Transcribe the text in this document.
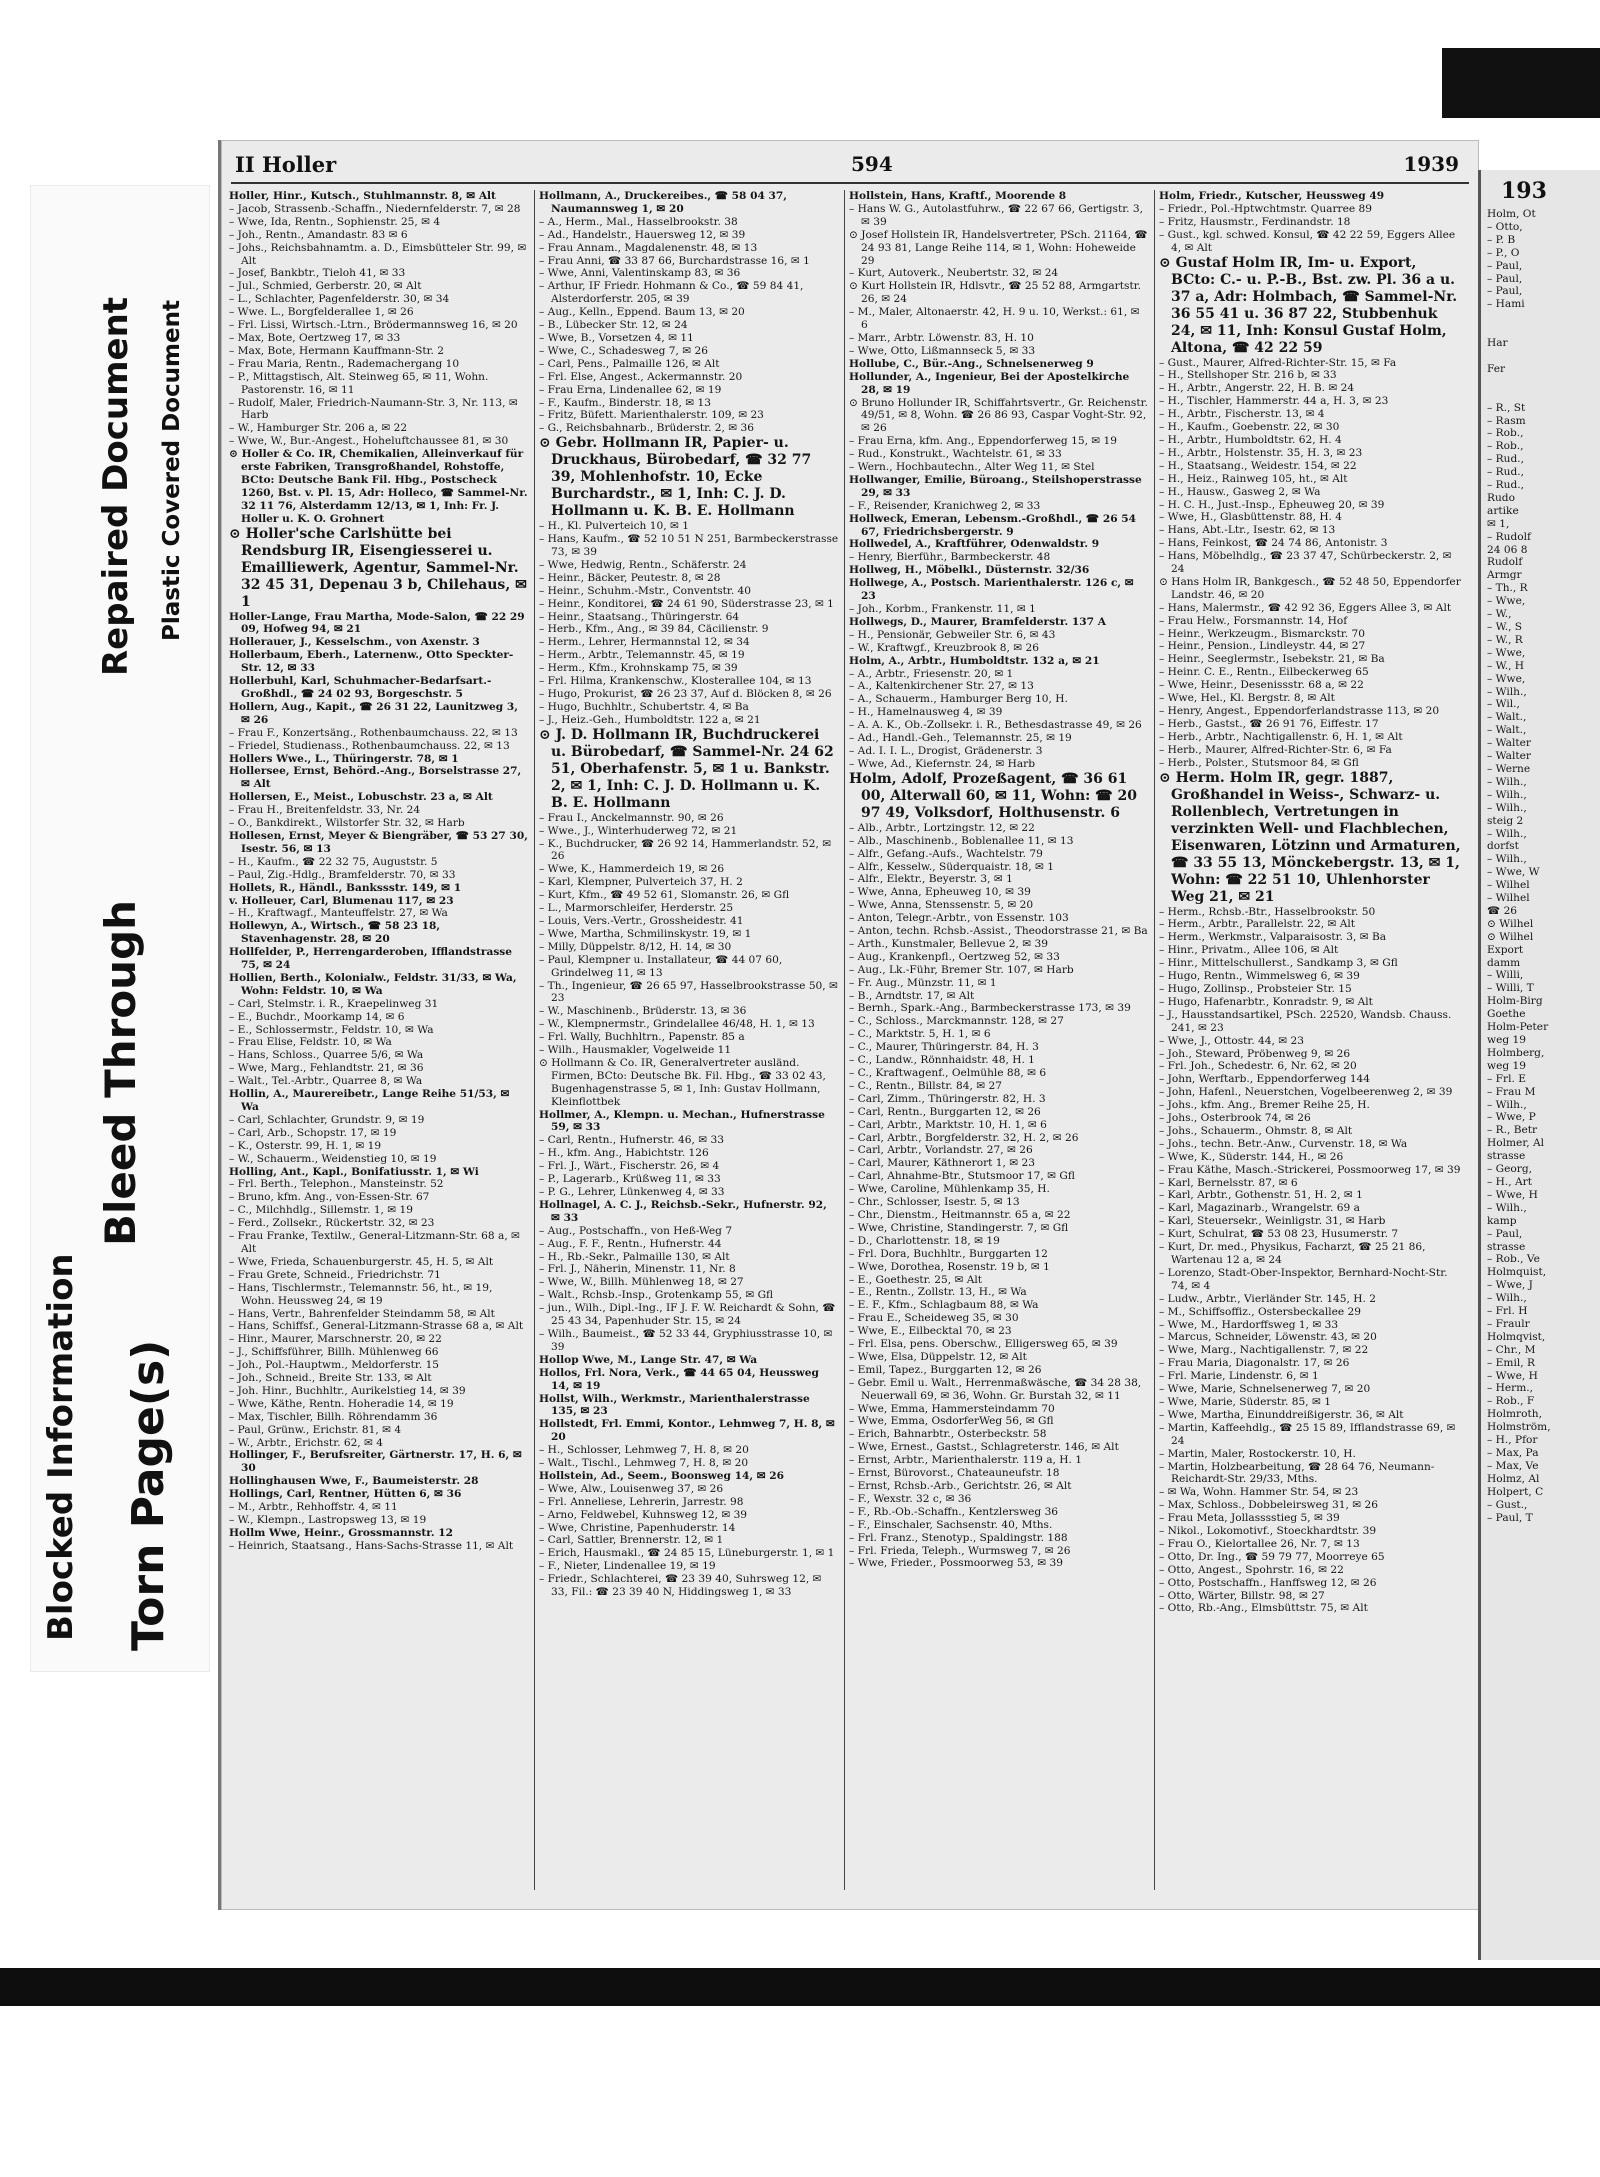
Plastic Covered Document
Repaired Document
Bleed Through
Blocked Information Torn Page(s)
II Holler	594	1939
Holler, Hinr., Kutsch., Stuhlmannstr. 8, ✉ Alt
– Jacob, Strassenb.-Schaffn., Niedernfelderstr. 7, ✉ 28
– Wwe, Ida, Rentn., Sophienstr. 25, ✉ 4
– Joh., Rentn., Amandastr. 83 ✉ 6
– Johs., Reichsbahnamtm. a. D., Eimsbütteler Str. 99, ✉ Alt
– Josef, Bankbtr., Tieloh 41, ✉ 33
– Jul., Schmied, Gerberstr. 20, ✉ Alt
– L., Schlachter, Pagenfelderstr. 30, ✉ 34
– Wwe. L., Borgfelderallee 1, ✉ 26
– Frl. Lissi, Wirtsch.-Ltrn., Brödermannsweg 16, ✉ 20
– Max, Bote, Oertzweg 17, ✉ 33
– Max, Bote, Hermann Kauffmann-Str. 2
– Frau Maria, Rentn., Rademachergang 10
– P., Mittagstisch, Alt. Steinweg 65, ✉ 11, Wohn. Pastorenstr. 16, ✉ 11
– Rudolf, Maler, Friedrich-Naumann-Str. 3, Nr. 113, ✉ Harb
– W., Hamburger Str. 206 a, ✉ 22
– Wwe, W., Bur.-Angest., Hoheluftchaussee 81, ✉ 30
⊙ Holler & Co. IR, Chemikalien, Alleinverkauf für erste Fabriken, Transgroßhandel, Rohstoffe, BCto: Deutsche Bank Fil. Hbg., Postscheck 1260, Bst. v. Pl. 15, Adr: Holleco, ☎ Sammel-Nr. 32 11 76, Alsterdamm 12/13, ✉ 1, Inh: Fr. J. Holler u. K. O. Grohnert
⊙ Holler'sche Carlshütte bei Rendsburg IR, Eisengiesserei u. Emailliewerk, Agentur, Sammel-Nr. 32 45 31, Depenau 3 b, Chilehaus, ✉ 1
Holler-Lange, Frau Martha, Mode-Salon, ☎ 22 29 09, Hofweg 94, ✉ 21
Hollerauer, J., Kesselschm., von Axenstr. 3
Hollerbaum, Eberh., Laternenw., Otto Speckter-Str. 12, ✉ 33
Hollerbuhl, Karl, Schuhmacher-Bedarfsart.-Großhdl., ☎ 24 02 93, Borgeschstr. 5
Hollern, Aug., Kapit., ☎ 26 31 22, Launitzweg 3, ✉ 26
– Frau F., Konzertsäng., Rothenbaumchauss. 22, ✉ 13
– Friedel, Studienass., Rothenbaumchauss. 22, ✉ 13
Hollers Wwe., L., Thüringerstr. 78, ✉ 1
Hollersee, Ernst, Behörd.-Ang., Borselstrasse 27, ✉ Alt
Hollersen, E., Meist., Lobuschstr. 23 a, ✉ Alt
– Frau H., Breitenfeldstr. 33, Nr. 24
– O., Bankdirekt., Wilstorfer Str. 32, ✉ Harb
Hollesen, Ernst, Meyer & Biengräber, ☎ 53 27 30, Isestr. 56, ✉ 13
– H., Kaufm., ☎ 22 32 75, Auguststr. 5
– Paul, Zig.-Hdlg., Bramfelderstr. 70, ✉ 33
Hollets, R., Händl., Bankssstr. 149, ✉ 1
v. Holleuer, Carl, Blumenau 117, ✉ 23
– H., Kraftwagf., Manteuffelstr. 27, ✉ Wa
Hollewyn, A., Wirtsch., ☎ 58 23 18, Stavenhagenstr. 28, ✉ 20
Hollfelder, P., Herrengarderoben, Ifflandstrasse 75, ✉ 24
Hollien, Berth., Kolonialw., Feldstr. 31/33, ✉ Wa, Wohn: Feldstr. 10, ✉ Wa
– Carl, Stelmstr. i. R., Kraepelinweg 31
– E., Buchdr., Moorkamp 14, ✉ 6
– E., Schlossermstr., Feldstr. 10, ✉ Wa
– Frau Elise, Feldstr. 10, ✉ Wa
– Hans, Schloss., Quarree 5/6, ✉ Wa
– Wwe, Marg., Fehlandtstr. 21, ✉ 36
– Walt., Tel.-Arbtr., Quarree 8, ✉ Wa
Hollin, A., Maurereibetr., Lange Reihe 51/53, ✉ Wa
– Carl, Schlachter, Grundstr. 9, ✉ 19
– Carl, Arb., Schopstr. 17, ✉ 19
– K., Osterstr. 99, H. 1, ✉ 19
– W., Schauerm., Weidenstieg 10, ✉ 19
Holling, Ant., Kapl., Bonifatiusstr. 1, ✉ Wi
– Frl. Berth., Telephon., Mansteinstr. 52
– Bruno, kfm. Ang., von-Essen-Str. 67
– C., Milchhdlg., Sillemstr. 1, ✉ 19
– Ferd., Zollsekr., Rückertstr. 32, ✉ 23
– Frau Franke, Textilw., General-Litzmann-Str. 68 a, ✉ Alt
– Wwe, Frieda, Schauenburgerstr. 45, H. 5, ✉ Alt
– Frau Grete, Schneid., Friedrichstr. 71
– Hans, Tischlermstr., Telemannstr. 56, ht., ✉ 19, Wohn. Heussweg 24, ✉ 19
– Hans, Vertr., Bahrenfelder Steindamm 58, ✉ Alt
– Hans, Schiffsf., General-Litzmann-Strasse 68 a, ✉ Alt
– Hinr., Maurer, Marschnerstr. 20, ✉ 22
– J., Schiffsführer, Billh. Mühlenweg 66
– Joh., Pol.-Hauptwm., Meldorferstr. 15
– Joh., Schneid., Breite Str. 133, ✉ Alt
– Joh. Hinr., Buchhltr., Aurikelstieg 14, ✉ 39
– Wwe, Käthe, Rentn. Hoheradie 14, ✉ 19
– Max, Tischler, Billh. Röhrendamm 36
– Paul, Grünw., Erichstr. 81, ✉ 4
– W., Arbtr., Erichstr. 62, ✉ 4
Hollinger, F., Berufsreiter, Gärtnerstr. 17, H. 6, ✉ 30
Hollinghausen Wwe, F., Baumeisterstr. 28
Hollings, Carl, Rentner, Hütten 6, ✉ 36
– M., Arbtr., Rehhoffstr. 4, ✉ 11
– W., Klempn., Lastropsweg 13, ✉ 19
Hollm Wwe, Heinr., Grossmannstr. 12
– Heinrich, Staatsang., Hans-Sachs-Strasse 11, ✉ Alt
Hollmann, A., Druckereibes., ☎ 58 04 37, Naumannsweg 1, ✉ 20
– A., Herm., Mal., Hasselbrookstr. 38
– Ad., Handelstr., Hauersweg 12, ✉ 39
– Frau Annam., Magdalenenstr. 48, ✉ 13
– Frau Anni, ☎ 33 87 66, Burchardstrasse 16, ✉ 1
– Wwe, Anni, Valentinskamp 83, ✉ 36
– Arthur, IF Friedr. Hohmann & Co., ☎ 59 84 41, Alsterdorferstr. 205, ✉ 39
– Aug., Kelln., Eppend. Baum 13, ✉ 20
– B., Lübecker Str. 12, ✉ 24
– Wwe, B., Vorsetzen 4, ✉ 11
– Wwe, C., Schadesweg 7, ✉ 26
– Carl, Pens., Palmaille 126, ✉ Alt
– Frl. Else, Angest., Ackermannstr. 20
– Frau Erna, Lindenallee 62, ✉ 19
– F., Kaufm., Binderstr. 18, ✉ 13
– Fritz, Büfett. Marienthalerstr. 109, ✉ 23
– G., Reichsbahnarb., Brüderstr. 2, ✉ 36
⊙ Gebr. Hollmann IR, Papier- u. Druckhaus, Bürobedarf, ☎ 32 77 39, Mohlenhofstr. 10, Ecke Burchardstr., ✉ 1, Inh: C. J. D. Hollmann u. K. B. E. Hollmann
– H., Kl. Pulverteich 10, ✉ 1
– Hans, Kaufm., ☎ 52 10 51 N 251, Barmbeckerstrasse 73, ✉ 39
– Wwe, Hedwig, Rentn., Schäferstr. 24
– Heinr., Bäcker, Peutestr. 8, ✉ 28
– Heinr., Schuhm.-Mstr., Conventstr. 40
– Heinr., Konditorei, ☎ 24 61 90, Süderstrasse 23, ✉ 1
– Heinr., Staatsang., Thüringerstr. 64
– Herb., Kfm., Ang., ✉ 39 84, Cäcilienstr. 9
– Herm., Lehrer, Hermannstal 12, ✉ 34
– Herm., Arbtr., Telemannstr. 45, ✉ 19
– Herm., Kfm., Krohnskamp 75, ✉ 39
– Frl. Hilma, Krankenschw., Klosterallee 104, ✉ 13
– Hugo, Prokurist, ☎ 26 23 37, Auf d. Blöcken 8, ✉ 26
– Hugo, Buchhltr., Schubertstr. 4, ✉ Ba
– J., Heiz.-Geh., Humboldtstr. 122 a, ✉ 21
⊙ J. D. Hollmann IR, Buchdruckerei u. Bürobedarf, ☎ Sammel-Nr. 24 62 51, Oberhafenstr. 5, ✉ 1 u. Bankstr. 2, ✉ 1, Inh: C. J. D. Hollmann u. K. B. E. Hollmann
– Frau I., Anckelmannstr. 90, ✉ 26
– Wwe., J., Winterhuderweg 72, ✉ 21
– K., Buchdrucker, ☎ 26 92 14, Hammerlandstr. 52, ✉ 26
– Wwe, K., Hammerdeich 19, ✉ 26
– Karl, Klempner, Pulverteich 37, H. 2
– Kurt, Kfm., ☎ 49 52 61, Slomanstr. 26, ✉ Gfl
– L., Marmorschleifer, Herderstr. 25
– Louis, Vers.-Vertr., Grossheidestr. 41
– Wwe, Martha, Schmilinskystr. 19, ✉ 1
– Milly, Düppelstr. 8/12, H. 14, ✉ 30
– Paul, Klempner u. Installateur, ☎ 44 07 60, Grindelweg 11, ✉ 13
– Th., Ingenieur, ☎ 26 65 97, Hasselbrookstrasse 50, ✉ 23
– W., Maschinenb., Brüderstr. 13, ✉ 36
– W., Klempnermstr., Grindelallee 46/48, H. 1, ✉ 13
– Frl. Wally, Buchhltrn., Papenstr. 85 a
– Wilh., Hausmakler, Vogelweide 11
⊙ Hollmann & Co. IR, Generalvertreter ausländ. Firmen, BCto: Deutsche Bk. Fil. Hbg., ☎ 33 02 43, Bugenhagenstrasse 5, ✉ 1, Inh: Gustav Hollmann, Kleinflottbek
Hollmer, A., Klempn. u. Mechan., Hufnerstrasse 59, ✉ 33
– Carl, Rentn., Hufnerstr. 46, ✉ 33
– H., kfm. Ang., Habichtstr. 126
– Frl. J., Wärt., Fischerstr. 26, ✉ 4
– P., Lagerarb., Krüßweg 11, ✉ 33
– P. G., Lehrer, Lünkenweg 4, ✉ 33
Hollnagel, A. C. J., Reichsb.-Sekr., Hufnerstr. 92, ✉ 33
– Aug., Postschaffn., von Heß-Weg 7
– Aug., F. F., Rentn., Hufnerstr. 44
– H., Rb.-Sekr., Palmaille 130, ✉ Alt
– Frl. J., Näherin, Minenstr. 11, Nr. 8
– Wwe, W., Billh. Mühlenweg 18, ✉ 27
– Walt., Rchsb.-Insp., Grotenkamp 55, ✉ Gfl
– jun., Wilh., Dipl.-Ing., IF J. F. W. Reichardt & Sohn, ☎ 25 43 34, Papenhuder Str. 15, ✉ 24
– Wilh., Baumeist., ☎ 52 33 44, Gryphiusstrasse 10, ✉ 39
Hollop Wwe, M., Lange Str. 47, ✉ Wa
Hollos, Frl. Nora, Verk., ☎ 44 65 04, Heussweg 14, ✉ 19
Hollst, Wilh., Werkmstr., Marienthalerstrasse 135, ✉ 23
Hollstedt, Frl. Emmi, Kontor., Lehmweg 7, H. 8, ✉ 20
– H., Schlosser, Lehmweg 7, H. 8, ✉ 20
– Walt., Tischl., Lehmweg 7, H. 8, ✉ 20
Hollstein, Ad., Seem., Boonsweg 14, ✉ 26
– Wwe, Alw., Louisenweg 37, ✉ 26
– Frl. Anneliese, Lehrerin, Jarrestr. 98
– Arno, Feldwebel, Kuhnsweg 12, ✉ 39
– Wwe, Christine, Papenhuderstr. 14
– Carl, Sattler, Brennerstr. 12, ✉ 1
– Erich, Hausmakl., ☎ 24 85 15, Lüneburgerstr. 1, ✉ 1
– F., Nieter, Lindenallee 19, ✉ 19
– Friedr., Schlachterei, ☎ 23 39 40, Suhrsweg 12, ✉ 33, Fil.: ☎ 23 39 40 N, Hiddingsweg 1, ✉ 33
Hollstein, Hans, Kraftf., Moorende 8
– Hans W. G., Autolastfuhrw., ☎ 22 67 66, Gertigstr. 3, ✉ 39
⊙ Josef Hollstein IR, Handelsvertreter, PSch. 21164, ☎ 24 93 81, Lange Reihe 114, ✉ 1, Wohn: Hoheweide 29
– Kurt, Autoverk., Neubertstr. 32, ✉ 24
⊙ Kurt Hollstein IR, Hdlsvtr., ☎ 25 52 88, Armgartstr. 26, ✉ 24
– M., Maler, Altonaerstr. 42, H. 9 u. 10, Werkst.: 61, ✉ 6
– Marr., Arbtr. Löwenstr. 83, H. 10
– Wwe, Otto, Lißmannseck 5, ✉ 33
Hollube, C., Bür.-Ang., Schnelsenerweg 9
Hollunder, A., Ingenieur, Bei der Apostelkirche 28, ✉ 19
⊙ Bruno Hollunder IR, Schiffahrtsvertr., Gr. Reichenstr. 49/51, ✉ 8, Wohn. ☎ 26 86 93, Caspar Voght-Str. 92, ✉ 26
– Frau Erna, kfm. Ang., Eppendorferweg 15, ✉ 19
– Rud., Konstrukt., Wachtelstr. 61, ✉ 33
– Wern., Hochbautechn., Alter Weg 11, ✉ Stel
Hollwanger, Emilie, Büroang., Steilshoperstrasse 29, ✉ 33
– F., Reisender, Kranichweg 2, ✉ 33
Hollweck, Emeran, Lebensm.-Großhdl., ☎ 26 54 67, Friedrichsbergerstr. 9
Hollwedel, A., Kraftführer, Odenwaldstr. 9
– Henry, Bierführ., Barmbeckerstr. 48
Hollweg, H., Möbelkl., Düsternstr. 32/36
Hollwege, A., Postsch. Marienthalerstr. 126 c, ✉ 23
– Joh., Korbm., Frankenstr. 11, ✉ 1
Hollwegs, D., Maurer, Bramfelderstr. 137 A
– H., Pensionär, Gebweiler Str. 6, ✉ 43
– W., Kraftwgf., Kreuzbrook 8, ✉ 26
Holm, A., Arbtr., Humboldtstr. 132 a, ✉ 21
– A., Arbtr., Friesenstr. 20, ✉ 1
– A., Kaltenkirchener Str. 27, ✉ 13
– A., Schauerm., Hamburger Berg 10, H.
– H., Hamelnausweg 4, ✉ 39
– A. A. K., Ob.-Zollsekr. i. R., Bethesdastrasse 49, ✉ 26
– Ad., Handl.-Geh., Telemannstr. 25, ✉ 19
– Ad. I. I. L., Drogist, Grädenerstr. 3
– Wwe, Ad., Kiefernstr. 24, ✉ Harb
Holm, Adolf, Prozeßagent, ☎ 36 61 00, Alterwall 60, ✉ 11, Wohn: ☎ 20 97 49, Volksdorf, Holthusenstr. 6
– Alb., Arbtr., Lortzingstr. 12, ✉ 22
– Alb., Maschinenb., Boblenallee 11, ✉ 13
– Alfr., Gefang.-Aufs., Wachtelstr. 79
– Alfr., Kesselw., Süderquaistr. 18, ✉ 1
– Alfr., Elektr., Beyerstr. 3, ✉ 1
– Wwe, Anna, Epheuweg 10, ✉ 39
– Wwe, Anna, Stenssenstr. 5, ✉ 20
– Anton, Telegr.-Arbtr., von Essenstr. 103
– Anton, techn. Rchsb.-Assist., Theodorstrasse 21, ✉ Ba
– Arth., Kunstmaler, Bellevue 2, ✉ 39
– Aug., Krankenpfl., Oertzweg 52, ✉ 33
– Aug., Lk.-Führ, Bremer Str. 107, ✉ Harb
– Fr. Aug., Münzstr. 11, ✉ 1
– B., Arndtstr. 17, ✉ Alt
– Bernh., Spark.-Ang., Barmbeckerstrasse 173, ✉ 39
– C., Schloss., Marckmannstr. 128, ✉ 27
– C., Marktstr. 5, H. 1, ✉ 6
– C., Maurer, Thüringerstr. 84, H. 3
– C., Landw., Rönnhaidstr. 48, H. 1
– C., Kraftwagenf., Oelmühle 88, ✉ 6
– C., Rentn., Billstr. 84, ✉ 27
– Carl, Zimm., Thüringerstr. 82, H. 3
– Carl, Rentn., Burggarten 12, ✉ 26
– Carl, Arbtr., Marktstr. 10, H. 1, ✉ 6
– Carl, Arbtr., Borgfelderstr. 32, H. 2, ✉ 26
– Carl, Arbtr., Vorlandstr. 27, ✉ 26
– Carl, Maurer, Käthnerort 1, ✉ 23
– Carl, Ahnahme-Btr., Stutsmoor 17, ✉ Gfl
– Wwe, Caroline, Mühlenkamp 35, H.
– Chr., Schlosser, Isestr. 5, ✉ 13
– Chr., Dienstm., Heitmannstr. 65 a, ✉ 22
– Wwe, Christine, Standingerstr. 7, ✉ Gfl
– D., Charlottenstr. 18, ✉ 19
– Frl. Dora, Buchhltr., Burggarten 12
– Wwe, Dorothea, Rosenstr. 19 b, ✉ 1
– E., Goethestr. 25, ✉ Alt
– E., Rentn., Zollstr. 13, H., ✉ Wa
– E. F., Kfm., Schlagbaum 88, ✉ Wa
– Frau E., Scheideweg 35, ✉ 30
– Wwe, E., Eilbecktal 70, ✉ 23
– Frl. Elsa, pens. Oberschw., Elligersweg 65, ✉ 39
– Wwe, Elsa, Düppelstr. 12, ✉ Alt
– Emil, Tapez., Burggarten 12, ✉ 26
– Gebr. Emil u. Walt., Herrenmaßwäsche, ☎ 34 28 38, Neuerwall 69, ✉ 36, Wohn. Gr. Burstah 32, ✉ 11
– Wwe, Emma, Hammersteindamm 70
– Wwe, Emma, OsdorferWeg 56, ✉ Gfl
– Erich, Bahnarbtr., Osterbeckstr. 58
– Wwe, Ernest., Gastst., Schlagreterstr. 146, ✉ Alt
– Ernst, Arbtr., Marienthalerstr. 119 a, H. 1
– Ernst, Bürovorst., Chateauneufstr. 18
– Ernst, Rchsb.-Arb., Gerichtstr. 26, ✉ Alt
– F., Wexstr. 32 c, ✉ 36
– F., Rb.-Ob.-Schaffn., Kentzlersweg 36
– F., Einschaler, Sachsenstr. 40, Mths.
– Frl. Franz., Stenotyp., Spaldingstr. 188
– Frl. Frieda, Teleph., Wurmsweg 7, ✉ 26
– Wwe, Frieder., Possmoorweg 53, ✉ 39
Holm, Friedr., Kutscher, Heussweg 49
– Friedr., Pol.-Hptwchtmstr. Quarree 89
– Fritz, Hausmstr., Ferdinandstr. 18
– Gust., kgl. schwed. Konsul, ☎ 42 22 59, Eggers Allee 4, ✉ Alt
⊙ Gustaf Holm IR, Im- u. Export, BCto: C.- u. P.-B., Bst. zw. Pl. 36 a u. 37 a, Adr: Holmbach, ☎ Sammel-Nr. 36 55 41 u. 36 87 22, Stubbenhuk 24, ✉ 11, Inh: Konsul Gustaf Holm, Altona, ☎ 42 22 59
– Gust., Maurer, Alfred-Richter-Str. 15, ✉ Fa
– H., Stellshoper Str. 216 b, ✉ 33
– H., Arbtr., Angerstr. 22, H. B. ✉ 24
– H., Tischler, Hammerstr. 44 a, H. 3, ✉ 23
– H., Arbtr., Fischerstr. 13, ✉ 4
– H., Kaufm., Goebenstr. 22, ✉ 30
– H., Arbtr., Humboldtstr. 62, H. 4
– H., Arbtr., Holstenstr. 35, H. 3, ✉ 23
– H., Staatsang., Weidestr. 154, ✉ 22
– H., Heiz., Rainweg 105, ht., ✉ Alt
– H., Hausw., Gasweg 2, ✉ Wa
– H. C. H., Just.-Insp., Epheuweg 20, ✉ 39
– Wwe, H., Glasbüttenstr. 88, H. 4
– Hans, Abt.-Ltr., Isestr. 62, ✉ 13
– Hans, Feinkost, ☎ 24 74 86, Antonistr. 3
– Hans, Möbelhdlg., ☎ 23 37 47, Schürbeckerstr. 2, ✉ 24
⊙ Hans Holm IR, Bankgesch., ☎ 52 48 50, Eppendorfer Landstr. 46, ✉ 20
– Hans, Malermstr., ☎ 42 92 36, Eggers Allee 3, ✉ Alt
– Frau Helw., Forsmannstr. 14, Hof
– Heinr., Werkzeugm., Bismarckstr. 70
– Heinr., Pension., Lindleystr. 44, ✉ 27
– Heinr., Seeglermstr., Isebekstr. 21, ✉ Ba
– Heinr. C. E., Rentn., Eilbeckerweg 65
– Wwe, Heinr., Desenissstr. 68 a, ✉ 22
– Wwe, Hel., Kl. Bergstr. 8, ✉ Alt
– Henry, Angest., Eppendorferlandstrasse 113, ✉ 20
– Herb., Gastst., ☎ 26 91 76, Eiffestr. 17
– Herb., Arbtr., Nachtigallenstr. 6, H. 1, ✉ Alt
– Herb., Maurer, Alfred-Richter-Str. 6, ✉ Fa
– Herb., Polster., Stutsmoor 84, ✉ Gfl
⊙ Herm. Holm IR, gegr. 1887, Großhandel in Weiss-, Schwarz- u. Rollenblech, Vertretungen in verzinkten Well- und Flachblechen, Eisenwaren, Lötzinn und Armaturen, ☎ 33 55 13, Mönckebergstr. 13, ✉ 1, Wohn: ☎ 22 51 10, Uhlenhorster Weg 21, ✉ 21
– Herm., Rchsb.-Btr., Hasselbrookstr. 50
– Herm., Arbtr., Parallelstr. 22, ✉ Alt
– Herm., Werkmstr., Valparaisostr. 3, ✉ Ba
– Hinr., Privatm., Allee 106, ✉ Alt
– Hinr., Mittelschullerst., Sandkamp 3, ✉ Gfl
– Hugo, Rentn., Wimmelsweg 6, ✉ 39
– Hugo, Zollinsp., Probsteier Str. 15
– Hugo, Hafenarbtr., Konradstr. 9, ✉ Alt
– J., Hausstandsartikel, PSch. 22520, Wandsb. Chauss. 241, ✉ 23
– Wwe, J., Ottostr. 44, ✉ 23
– Joh., Steward, Pröbenweg 9, ✉ 26
– Frl. Joh., Schedestr. 6, Nr. 62, ✉ 20
– John, Werftarb., Eppendorferweg 144
– John, Hafenl., Neuerstchen, Vogelbeerenweg 2, ✉ 39
– Johs., kfm. Ang., Bremer Reihe 25, H.
– Johs., Osterbrook 74, ✉ 26
– Johs., Schauerm., Ohmstr. 8, ✉ Alt
– Johs., techn. Betr.-Anw., Curvenstr. 18, ✉ Wa
– Wwe, K., Süderstr. 144, H., ✉ 26
– Frau Käthe, Masch.-Strickerei, Possmoorweg 17, ✉ 39
– Karl, Bernelsstr. 87, ✉ 6
– Karl, Arbtr., Gothenstr. 51, H. 2, ✉ 1
– Karl, Magazinarb., Wrangelstr. 69 a
– Karl, Steuersekr., Weinligstr. 31, ✉ Harb
– Kurt, Schulrat, ☎ 53 08 23, Husumerstr. 7
– Kurt, Dr. med., Physikus, Facharzt, ☎ 25 21 86, Wartenau 12 a, ✉ 24
– Lorenzo, Stadt-Ober-Inspektor, Bernhard-Nocht-Str. 74, ✉ 4
– Ludw., Arbtr., Vierländer Str. 145, H. 2
– M., Schiffsoffiz., Ostersbeckallee 29
– Wwe, M., Hardorffsweg 1, ✉ 33
– Marcus, Schneider, Löwenstr. 43, ✉ 20
– Wwe, Marg., Nachtigallenstr. 7, ✉ 22
– Frau Maria, Diagonalstr. 17, ✉ 26
– Frl. Marie, Lindenstr. 6, ✉ 1
– Wwe, Marie, Schnelsenerweg 7, ✉ 20
– Wwe, Marie, Süderstr. 85, ✉ 1
– Wwe, Martha, Einunddreißigerstr. 36, ✉ Alt
– Martin, Kaffeehdlg., ☎ 25 15 89, Ifflandstrasse 69, ✉ 24
– Martin, Maler, Rostockerstr. 10, H.
– Martin, Holzbearbeitung, ☎ 28 64 76, Neumann-Reichardt-Str. 29/33, Mths.
– ✉ Wa, Wohn. Hammer Str. 54, ✉ 23
– Max, Schloss., Dobbeleirsweg 31, ✉ 26
– Frau Meta, Jollasssstieg 5, ✉ 39
– Nikol., Lokomotivf., Stoeckhardtstr. 39
– Frau O., Kielortallee 26, Nr. 7, ✉ 13
– Otto, Dr. Ing., ☎ 59 79 77, Moorreye 65
– Otto, Angest., Spohrstr. 16, ✉ 22
– Otto, Postschaffn., Hanffsweg 12, ✉ 26
– Otto, Wärter, Billstr. 98, ✉ 27
– Otto, Rb.-Ang., Elmsbüttstr. 75, ✉ Alt
193
Holm, Ot
– Otto,
– P. B
– P., O
– Paul,
– Paul,
– Paul,
– Hami

Har

Fer

– R., St
– Rasm
– Rob.,
– Rob.,
– Rud.,
– Rud.,
– Rud.,
Rudo
artike
✉ 1,
– Rudolf
24 06 8
Rudolf
Armgr
– Th., R
– Wwe,
– W.,
– W., S
– W., R
– Wwe,
– W., H
– Wwe,
– Wilh.,
– Wil.,
– Walt.,
– Walt.,
– Walter
– Walter
– Werne
– Wilh.,
– Wilh.,
– Wilh.,
steig 2
– Wilh.,
dorfst
– Wilh.,
– Wwe, W
– Wilhel
– Wilhel
☎ 26
⊙ Wilhel
⊙ Wilhel
Export
damm
– Willi,
– Willi, T
Holm-Birg
Goethe
Holm-Peter
weg 19
Holmberg,
weg 19
– Frl. E
– Frau M
– Wilh.,
– Wwe, P
– R., Betr
Holmer, Al
strasse
– Georg,
– H., Art
– Wwe, H
– Wilh.,
kamp
– Paul,
strasse
– Rob., Ve
Holmquist,
– Wwe, J
– Wilh.,
– Frl. H
– Fraulr
Holmqvist,
– Chr., M
– Emil, R
– Wwe, H
– Herm.,
– Rob., F
Holmroth,
Holmström,
– H., Pfor
– Max, Pa
– Max, Ve
Holmz, Al
Holpert, C
– Gust.,
– Paul, T
